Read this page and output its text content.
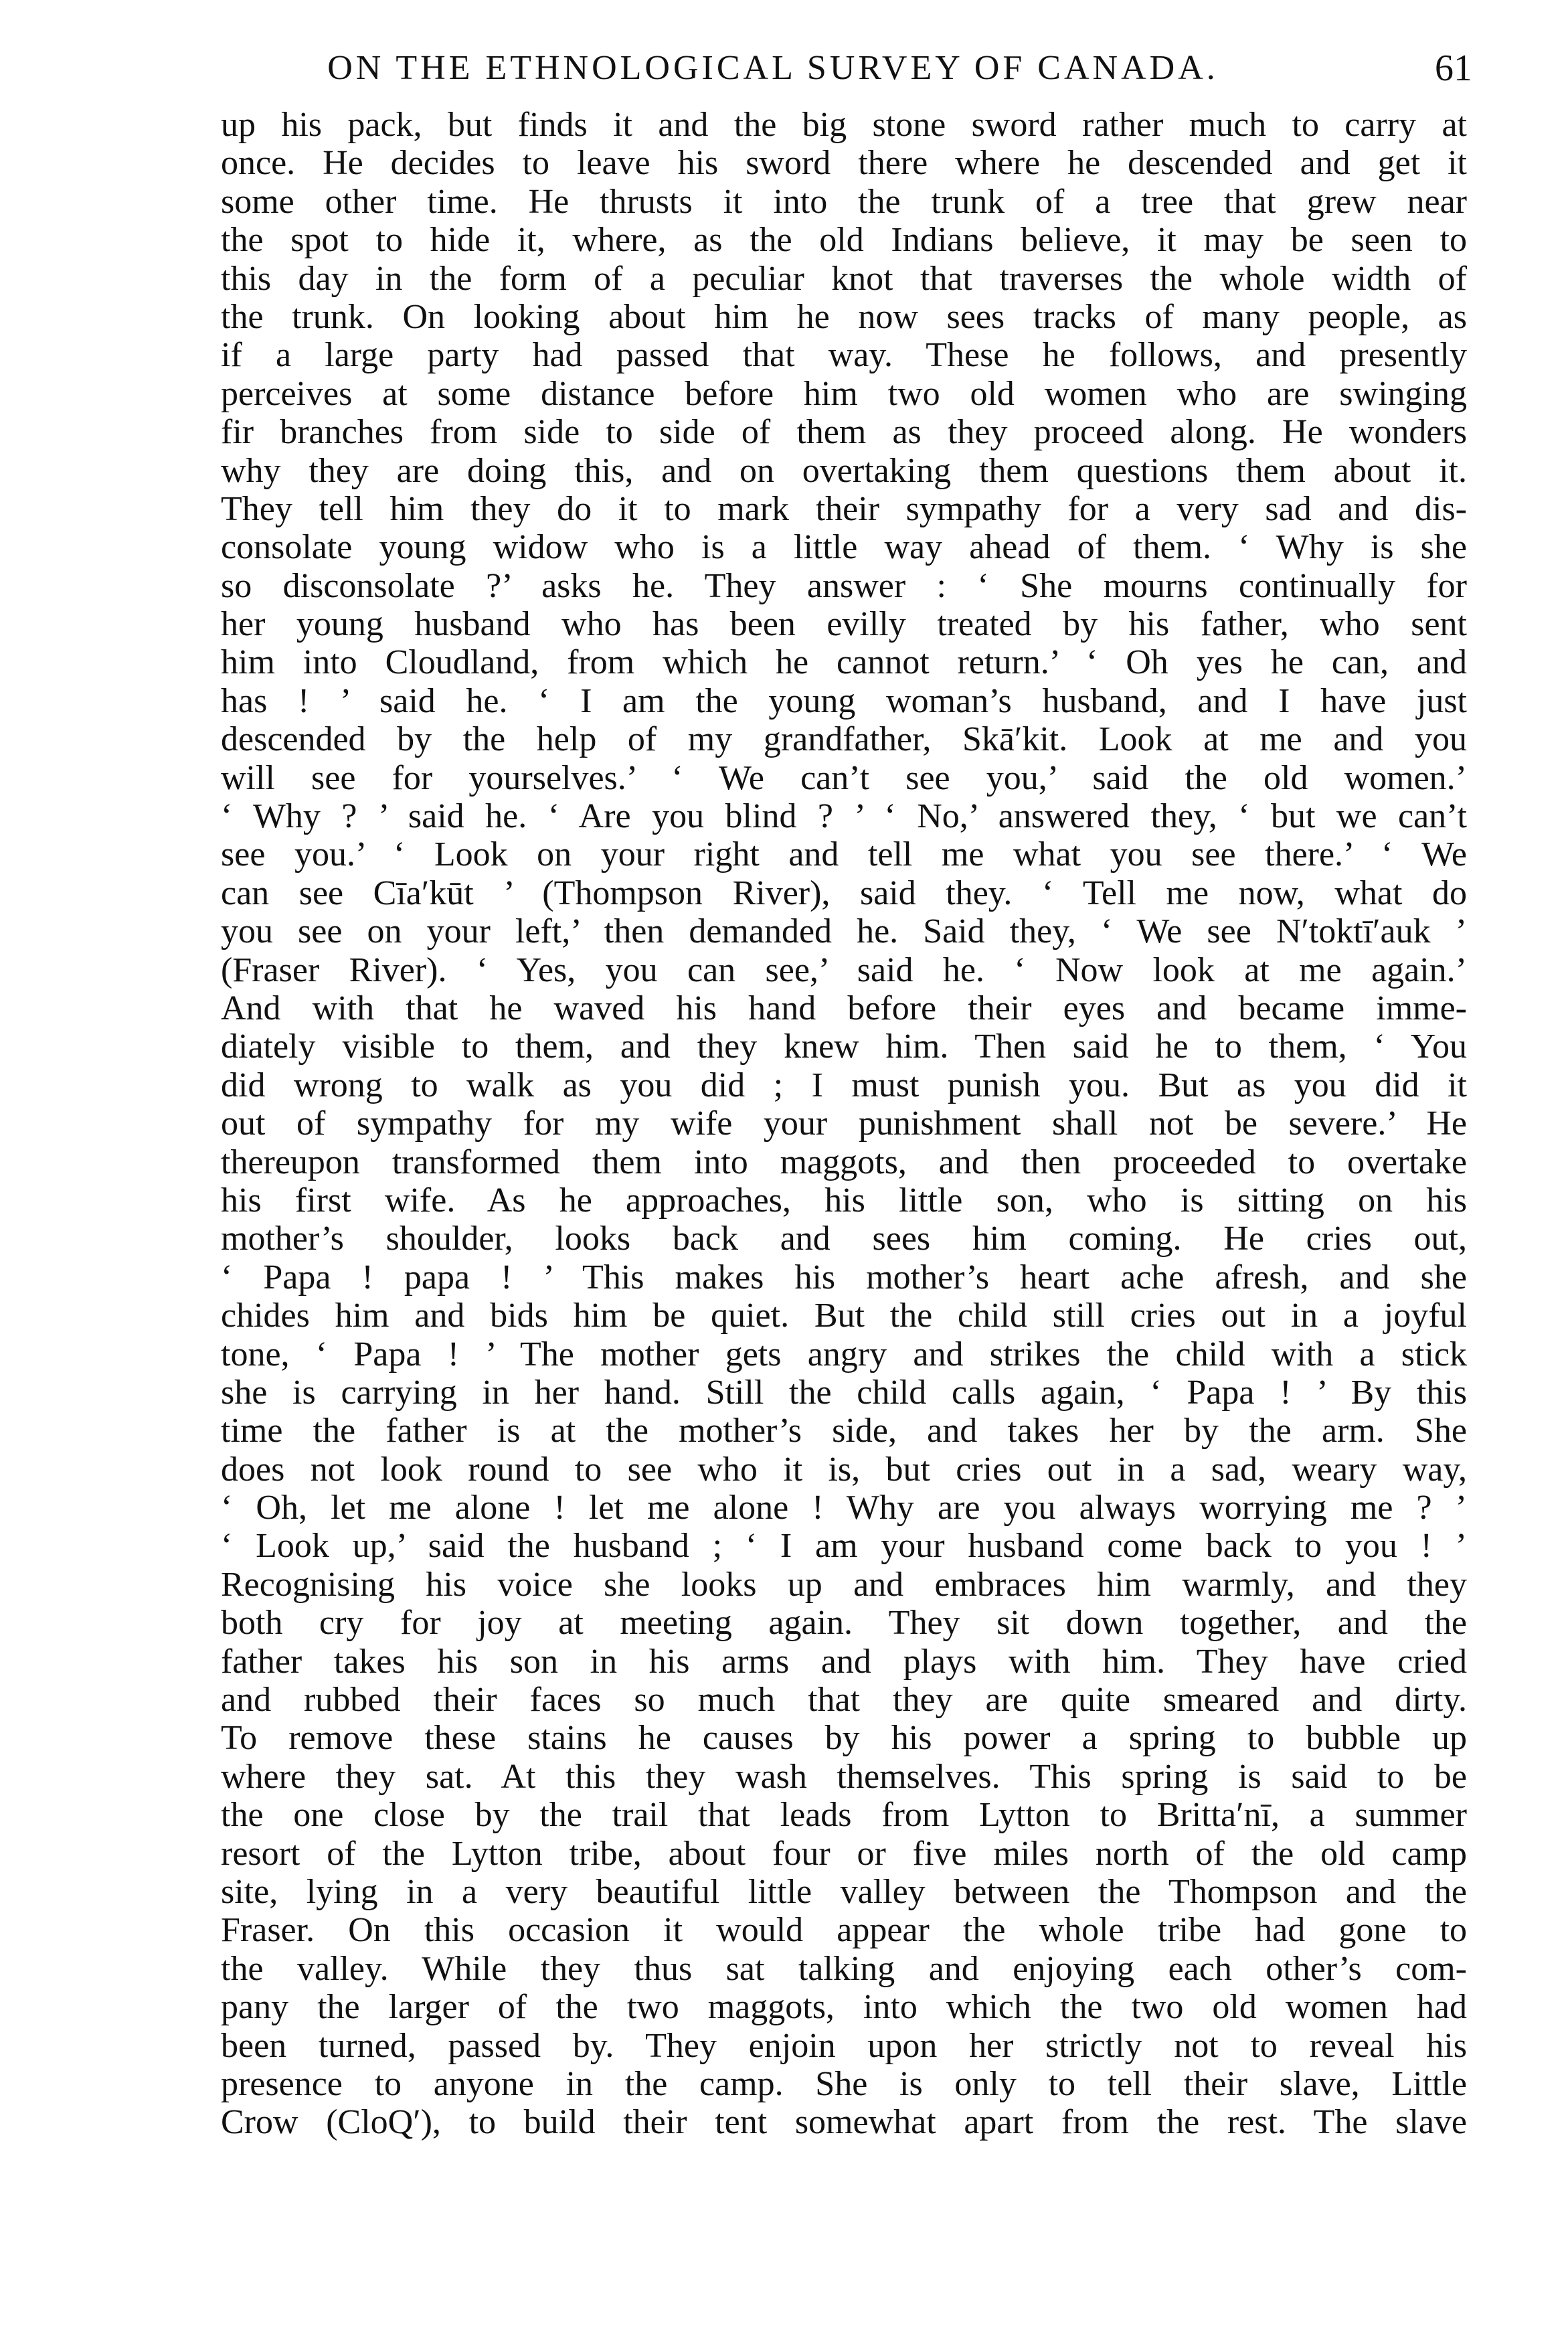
ON THE ETHNOLOGICAL SURVEY OF CANADA.	61
up his pack, but finds it and the big stone sword rather much to carry at
once. He decides to leave his sword there where he descended and get it
some other time. He thrusts it into the trunk of a tree that grew near
the spot to hide it, where, as the old Indians believe, it may be seen to
this day in the form of a peculiar knot that traverses the whole width of
the trunk. On looking about him he now sees tracks of many people, as
if a large party had passed that way. These he follows, and presently
perceives at some distance before him two old women who are swinging
fir branches from side to side of them as they proceed along. He wonders
why they are doing this, and on overtaking them questions them about it.
They tell him they do it to mark their sympathy for a very sad and dis-
consolate young widow who is a little way ahead of them. ‘ Why is she
so disconsolate ?’ asks he. They answer : ‘ She mourns continually for
her young husband who has been evilly treated by his father, who sent
him into Cloudland, from which he cannot return.’ ‘ Oh yes he can, and
has ! ’ said he. ‘ I am the young woman’s husband, and I have just
descended by the help of my grandfather, Skā′kit. Look at me and you
will see for yourselves.’ ‘ We can’t see you,’ said the old women.’
‘ Why ? ’ said he. ‘ Are you blind ? ’ ‘ No,’ answered they, ‘ but we can’t
see you.’ ‘ Look on your right and tell me what you see there.’ ‘ We
can see Cīa′kūt ’ (Thompson River), said they. ‘ Tell me now, what do
you see on your left,’ then demanded he. Said they, ‘ We see N′toktī′auk ’
(Fraser River). ‘ Yes, you can see,’ said he. ‘ Now look at me again.’
And with that he waved his hand before their eyes and became imme-
diately visible to them, and they knew him. Then said he to them, ‘ You
did wrong to walk as you did ; I must punish you. But as you did it
out of sympathy for my wife your punishment shall not be severe.’ He
thereupon transformed them into maggots, and then proceeded to overtake
his first wife. As he approaches, his little son, who is sitting on his
mother’s shoulder, looks back and sees him coming. He cries out,
‘ Papa ! papa ! ’ This makes his mother’s heart ache afresh, and she
chides him and bids him be quiet. But the child still cries out in a joyful
tone, ‘ Papa ! ’ The mother gets angry and strikes the child with a stick
she is carrying in her hand. Still the child calls again, ‘ Papa ! ’ By this
time the father is at the mother’s side, and takes her by the arm. She
does not look round to see who it is, but cries out in a sad, weary way,
‘ Oh, let me alone ! let me alone ! Why are you always worrying me ? ’
‘ Look up,’ said the husband ; ‘ I am your husband come back to you ! ’
Recognising his voice she looks up and embraces him warmly, and they
both cry for joy at meeting again. They sit down together, and the
father takes his son in his arms and plays with him. They have cried
and rubbed their faces so much that they are quite smeared and dirty.
To remove these stains he causes by his power a spring to bubble up
where they sat. At this they wash themselves. This spring is said to be
the one close by the trail that leads from Lytton to Britta′nī, a summer
resort of the Lytton tribe, about four or five miles north of the old camp
site, lying in a very beautiful little valley between the Thompson and the
Fraser. On this occasion it would appear the whole tribe had gone to
the valley. While they thus sat talking and enjoying each other’s com-
pany the larger of the two maggots, into which the two old women had
been turned, passed by. They enjoin upon her strictly not to reveal his
presence to anyone in the camp. She is only to tell their slave, Little
Crow (CloQ′), to build their tent somewhat apart from the rest. The slave
